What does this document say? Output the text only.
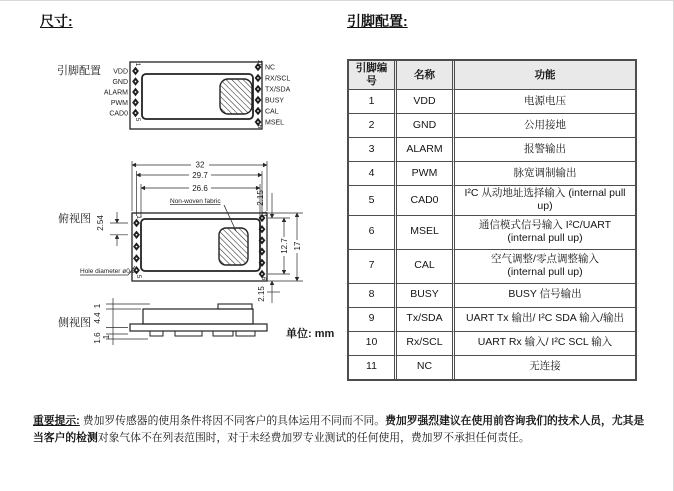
尺寸:	引脚配置:
引脚配置
1
5
11
6
VDD
GND
ALARM
PWM
CAD0
NC
RX/SCL
TX/SDA
BUSY
CAL
MSEL
俯视图	1
5
11
6
32
29.7
26.6
2.54
2.15
12.7 17
2.15
Non-woven fabric
Hole diameter ø0.9
侧视图
1
4.4
1.6 1	单位: mm
引脚编号	名称	功能
1	VDD	电源电压
2	GND	公用接地
3	ALARM	报警输出
4	PWM	脉宽调制输出
5	CAD0	I²C 从动地址选择输入 (internal pull up)
6	MSEL	通信模式信号输入 I²C/UART
(internal pull up)

7	CAL	空气调整/零点调整输入
(internal pull up)

8	BUSY	BUSY 信号输出
9	Tx/SDA	UART Tx 输出/ I²C SDA 输入/输出
10	Rx/SCL	UART Rx 输入/ I²C SCL 输入
11	NC	无连接

重要提示: 费加罗传感器的使用条件将因不同客户的具体运用不同而不同。费加罗强烈建议在使用前咨询我们的技术人员，尤其是当客户的检测对象气体不在列表范围时，对于未经费加罗专业测试的任何使用，费加罗不承担任何责任。
